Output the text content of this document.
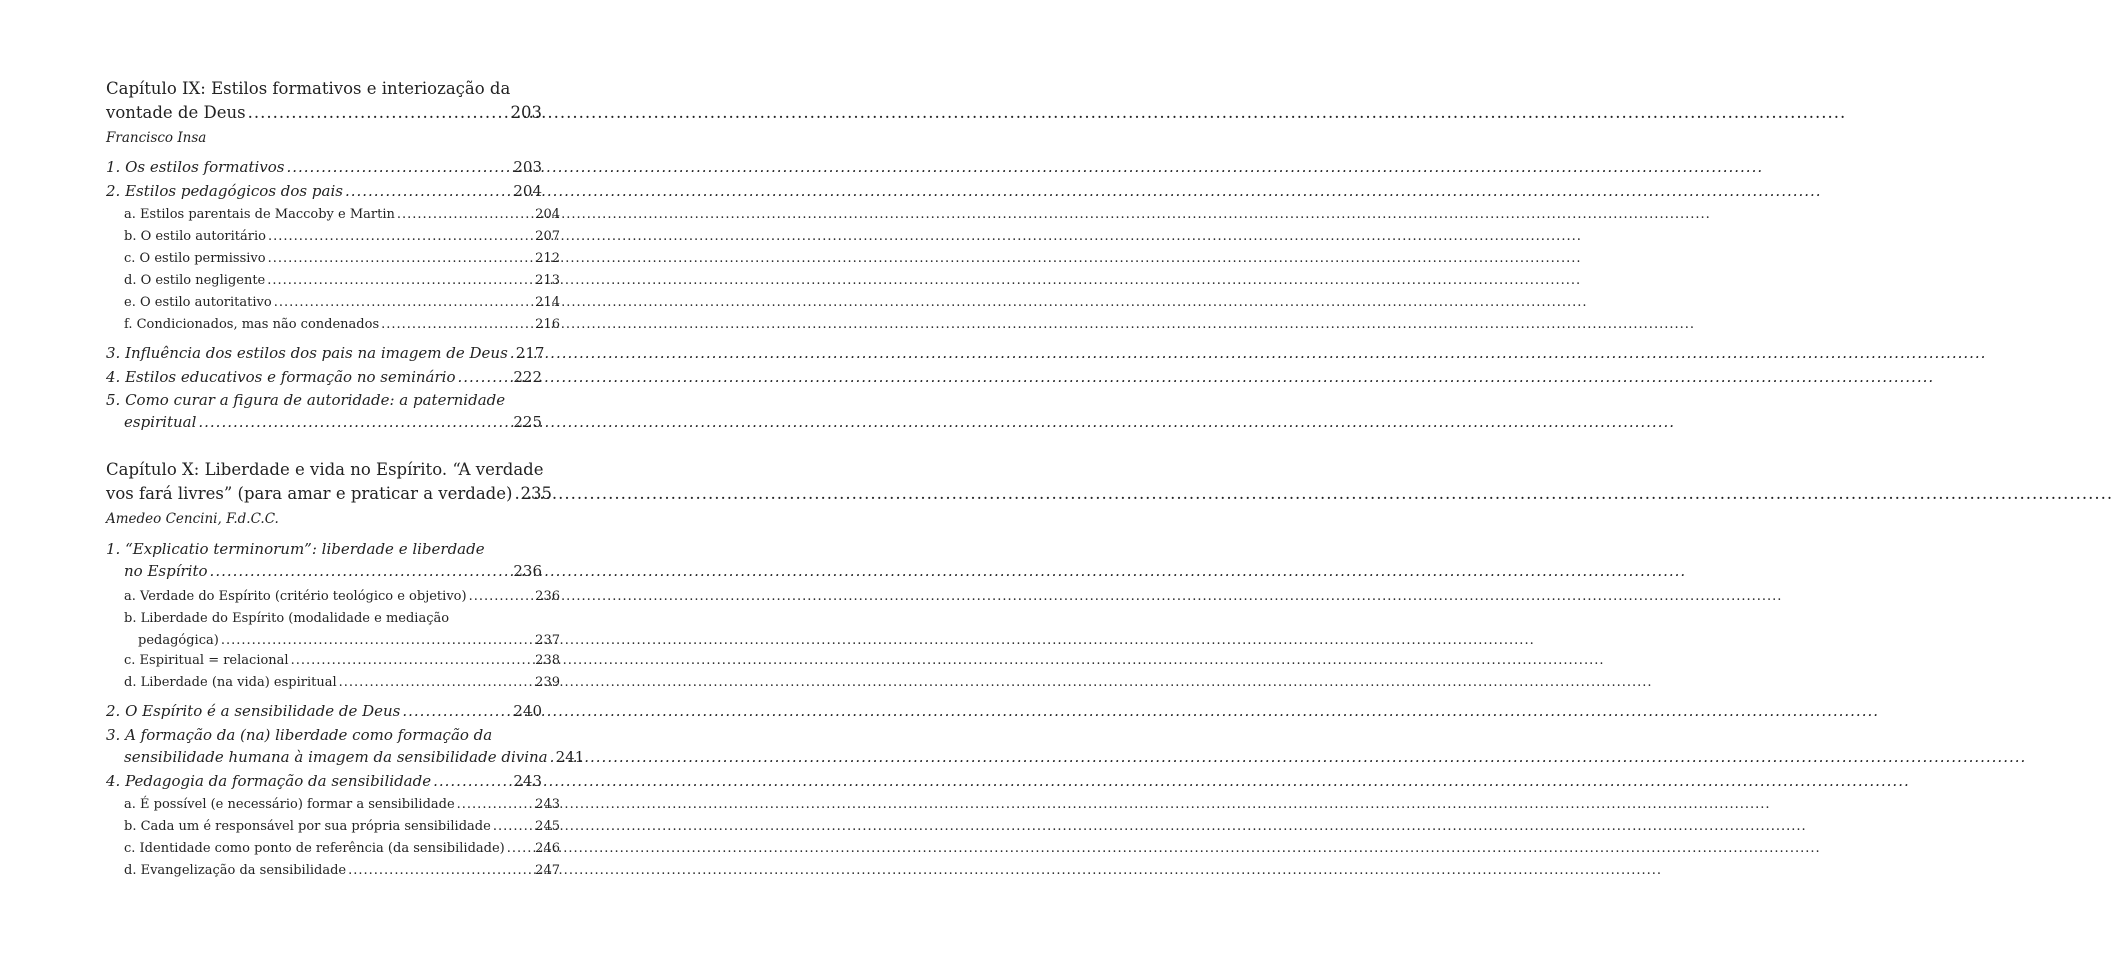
Capítulo IX: Estilos formativos e interiozação da
vontade de Deus .....	203
Francisco Insa
1. Os estilos formativos .....	203
2. Estilos pedagógicos dos pais .....	204
a. Estilos parentais de Maccoby e Martin .....	204
b. O estilo autoritário .....	207
c. O estilo permissivo .....	212
d. O estilo negligente .....	213
e. O estilo autoritativo .....	214
f. Condicionados, mas não condenados .....	216
3. Influência dos estilos dos pais na imagem de Deus ..... 217
4. Estilos educativos e formação no seminário .....	222
5. Como curar a figura de autoridade: a paternidade
espiritual .....	225
Capítulo X: Liberdade e vida no Espírito. “A verdade
vos fará livres” (para amar e praticar a verdade) ..... 235
Amedeo Cencini, F.d.C.C.
1. “Explicatio terminorum”: liberdade e liberdade
no Espírito .....	236
a. Verdade do Espírito (critério teológico e objetivo) .....	236
b. Liberdade do Espírito (modalidade e mediação
pedagógica) .....	237
c. Espiritual = relacional .....	238
d. Liberdade (na vida) espiritual .....	239
2. O Espírito é a sensibilidade de Deus .....	240
3. A formação da (na) liberdade como formação da
sensibilidade humana à imagem da sensibilidade divina ..... 241
4. Pedagogia da formação da sensibilidade .....	243
a. É possível (e necessário) formar a sensibilidade .....	243
b. Cada um é responsável por sua própria sensibilidade .....	245
c. Identidade como ponto de referência (da sensibilidade) ..... 246
d. Evangelização da sensibilidade .....	247
